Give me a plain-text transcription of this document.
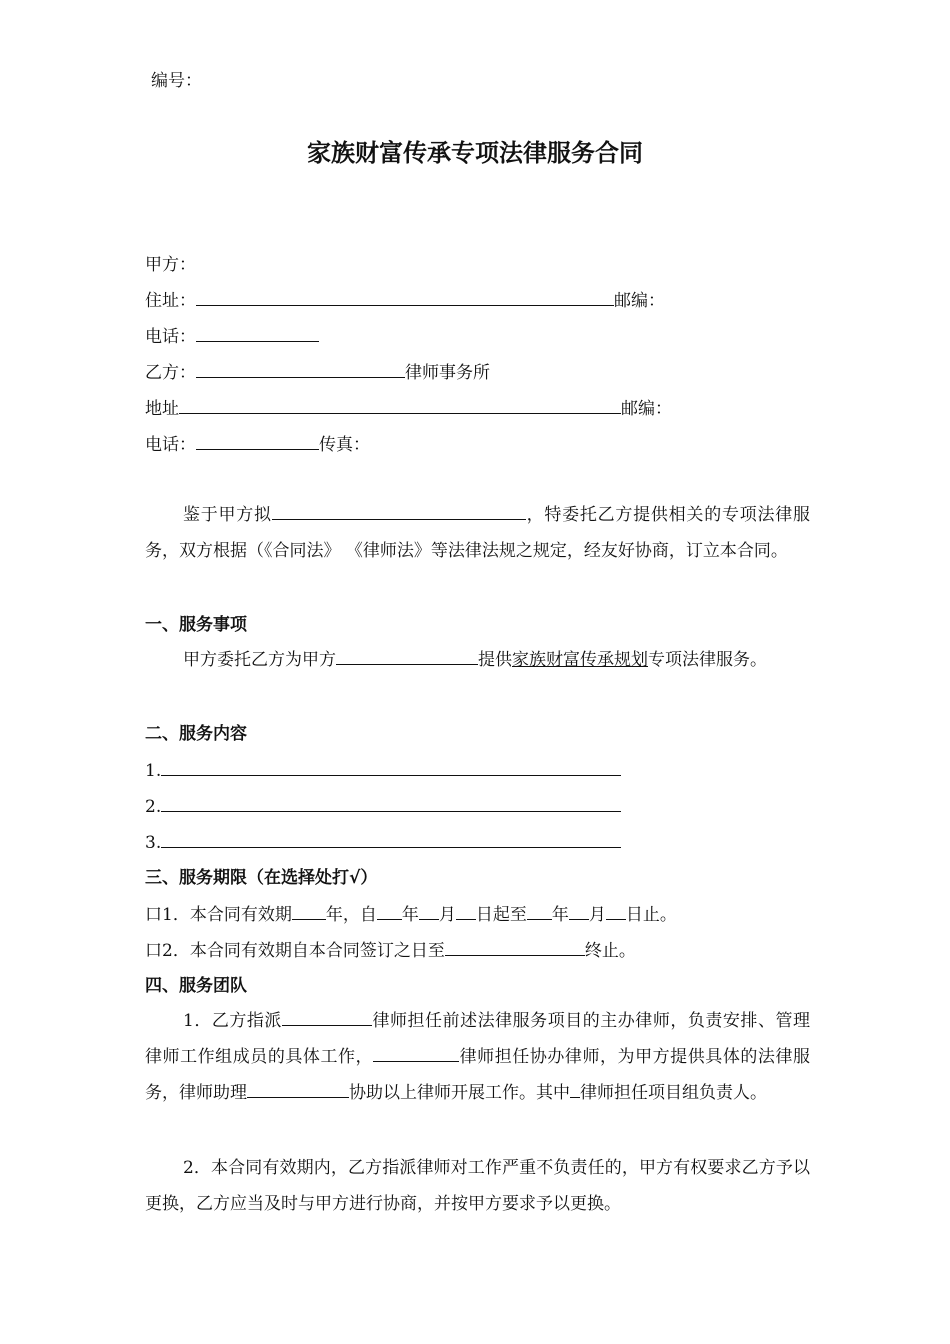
编号：
家族财富传承专项法律服务合同
甲方：
住址：	邮编：
电话：
乙方：	律师事务所
地址	邮编：
电话：	传真：
鉴于甲方拟	，特委托乙方提供相关的专项法律服务，双方根据（《合同法》 《律师法》等法律法规之规定，经友好协商，订立本合同。
一、服务事项
甲方委托乙方为甲方	提供家族财富传承规划专项法律服务。
二、服务内容
1.
2.
3.
三、服务期限（在选择处打√）
口1．本合同有效期 年，自 年 月 日起至 年 月 日止。
口2．本合同有效期自本合同签订之日至	终止。
四、服务团队
1．乙方指派	律师担任前述法律服务项目的主办律师，负责安排、管理律师工作组成员的具体工作，	律师担任协办律师，为甲方提供具体的法律服务，律师助理	协助以上律师开展工作。其中 律师担任项目组负责人。
2．本合同有效期内，乙方指派律师对工作严重不负责任的，甲方有权要求乙方予以更换，乙方应当及时与甲方进行协商，并按甲方要求予以更换。
